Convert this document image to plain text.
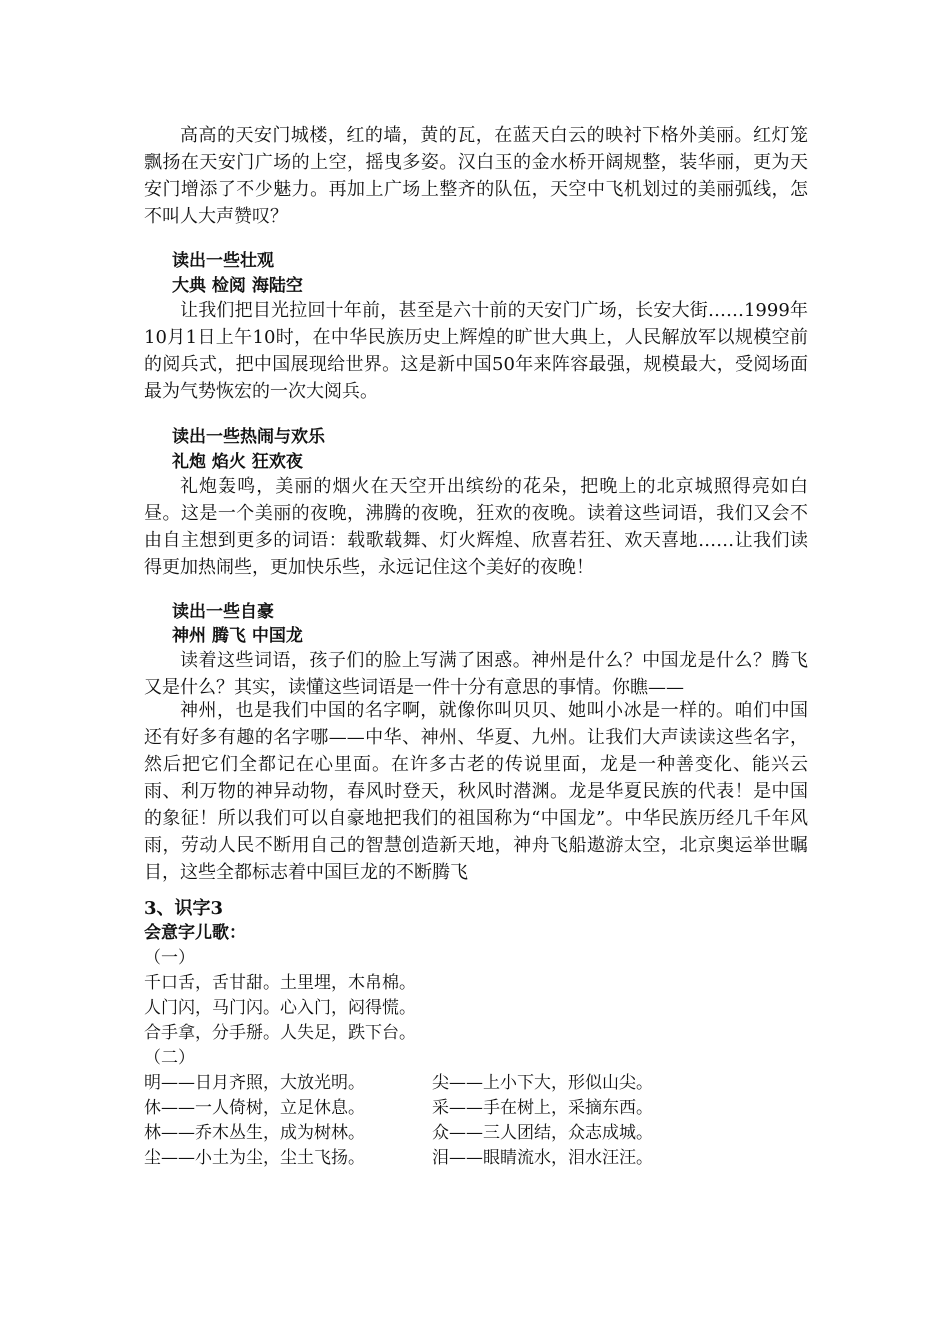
高高的天安门城楼，红的墙，黄的瓦，在蓝天白云的映衬下格外美丽。红灯笼飘扬在天安门广场的上空，摇曳多姿。汉白玉的金水桥开阔规整，装华丽，更为天安门增添了不少魅力。再加上广场上整齐的队伍，天空中飞机划过的美丽弧线，怎不叫人大声赞叹？

读出一些壮观

大典 检阅 海陆空

让我们把目光拉回十年前，甚至是六十前的天安门广场，长安大街……1999年10月1日上午10时，在中华民族历史上辉煌的旷世大典上，人民解放军以规模空前的阅兵式，把中国展现给世界。这是新中国50年来阵容最强，规模最大，受阅场面最为气势恢宏的一次大阅兵。

读出一些热闹与欢乐

礼炮 焰火 狂欢夜

礼炮轰鸣，美丽的烟火在天空开出缤纷的花朵，把晚上的北京城照得亮如白昼。这是一个美丽的夜晚，沸腾的夜晚，狂欢的夜晚。读着这些词语，我们又会不由自主想到更多的词语：载歌载舞、灯火辉煌、欣喜若狂、欢天喜地……让我们读得更加热闹些，更加快乐些，永远记住这个美好的夜晚！

读出一些自豪

神州 腾飞 中国龙

读着这些词语，孩子们的脸上写满了困惑。神州是什么？中国龙是什么？腾飞又是什么？其实，读懂这些词语是一件十分有意思的事情。你瞧——

神州，也是我们中国的名字啊，就像你叫贝贝、她叫小冰是一样的。咱们中国还有好多有趣的名字哪——中华、神州、华夏、九州。让我们大声读读这些名字，然后把它们全都记在心里面。在许多古老的传说里面，龙是一种善变化、能兴云雨、利万物的神异动物，春风时登天，秋风时潜渊。龙是华夏民族的代表！是中国的象征！所以我们可以自豪地把我们的祖国称为“中国龙”。中华民族历经几千年风雨，劳动人民不断用自己的智慧创造新天地，神舟飞船遨游太空，北京奥运举世瞩目，这些全都标志着中国巨龙的不断腾飞

3、识字3

会意字儿歌：

（一）

千口舌，舌甘甜。土里埋，木帛棉。

人门闪，马门闪。心入门，闷得慌。

合手拿，分手掰。人失足，跌下台。

（二）

明——日月齐照，大放光明。	尖——上小下大，形似山尖。

休——一人倚树，立足休息。	采——手在树上，采摘东西。

林——乔木丛生，成为树林。	众——三人团结，众志成城。

尘——小土为尘，尘土飞扬。	泪——眼睛流水，泪水汪汪。
